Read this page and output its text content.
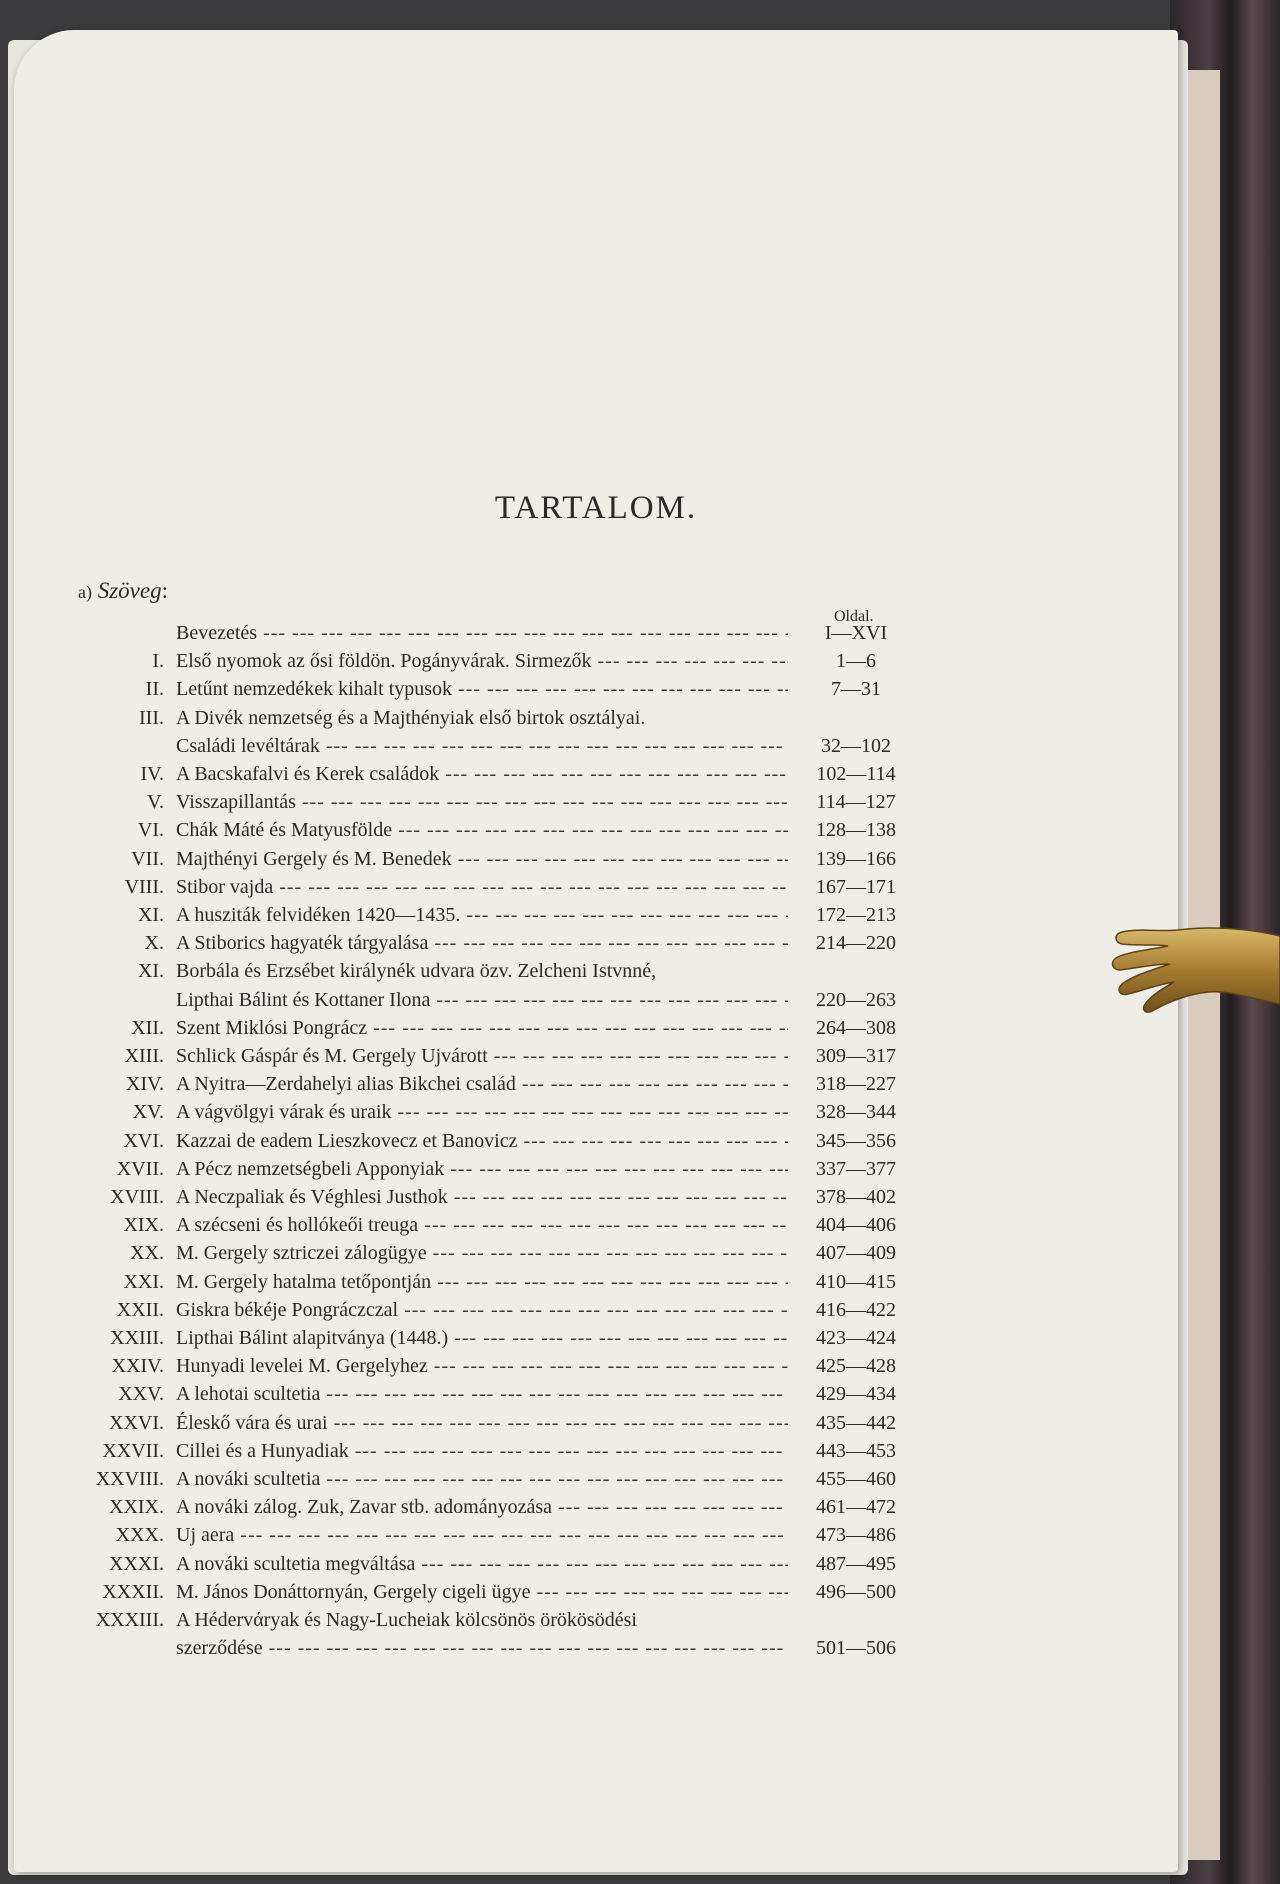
TARTALOM.
a) Szöveg:
Oldal.
Bevezetés --- -	I—XVI
I. Első nyomok az ősi földön. Pogányvárak. Sirmezők --- -	1—6
II. Letűnt nemzedékek kihalt typusok --- -	7—31
III. A Divék nemzetség és a Majthényiak első birtok osztályai.
Családi levéltárak --- -	32—102
IV. A Bacskafalvi és Kerek családok --- -	102—114
V. Visszapillantás --- -	114—127
VI. Chák Máté és Matyusfölde --- -	128—138
VII. Majthényi Gergely és M. Benedek --- -	139—166
VIII. Stibor vajda --- -	167—171
XI. A husziták felvidéken 1420—1435. --- -	172—213
X. A Stiborics hagyaték tárgyalása --- -	214—220
XI. Borbála és Erzsébet királynék udvara özv. Zelcheni Istvnné,
Lipthai Bálint és Kottaner Ilona --- -	220—263
XII. Szent Miklósi Pongrácz --- -	264—308
XIII. Schlick Gáspár és M. Gergely Ujvárott --- -	309—317
XIV. A Nyitra—Zerdahelyi alias Bikchei család --- -	318—227
XV. A vágvölgyi várak és uraik --- -	328—344
XVI. Kazzai de eadem Lieszkovecz et Banovicz --- -	345—356
XVII. A Pécz nemzetségbeli Apponyiak --- -	337—377
XVIII. A Neczpaliak és Véghlesi Justhok --- -	378—402
XIX. A szécseni és hollókeői treuga --- -	404—406
XX. M. Gergely sztriczei zálogügye --- -	407—409
XXI. M. Gergely hatalma tetőpontján --- -	410—415
XXII. Giskra békéje Pongráczczal --- -	416—422
XXIII. Lipthai Bálint alapitványa (1448.) --- -	423—424
XXIV. Hunyadi levelei M. Gergelyhez --- -	425—428
XXV. A lehotai scultetia --- -	429—434
XXVI. Éleskő vára és urai --- -	435—442
XXVII. Cillei és a Hunyadiak --- -	443—453
XXVIII. A nováki scultetia --- -	455—460
XXIX. A nováki zálog. Zuk, Zavar stb. adományozása --- -	461—472
XXX. Uj aera --- -	473—486
XXXI. A nováki scultetia megváltása --- -	487—495
XXXII. M. János Donáttornyán, Gergely cigeli ügye --- -	496—500
XXXIII. A Hédervάryak és Nagy-Lucheiak kölcsönös örökösödési
szerződése --- -	501—506
